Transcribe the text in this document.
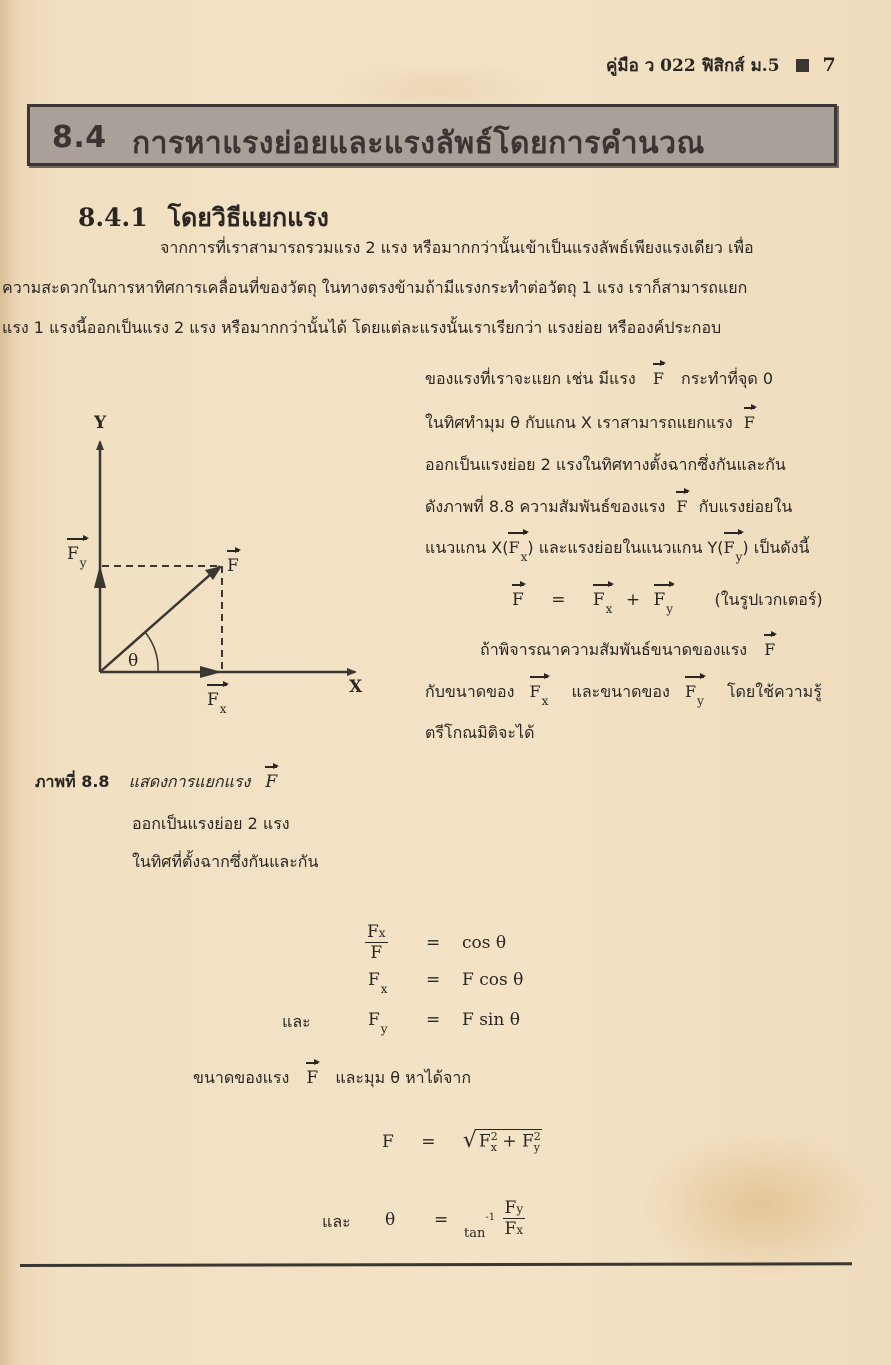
คู่มือ ว 022 ฟิสิกส์ ม.5 7
8.4 การหาแรงย่อยและแรงลัพธ์โดยการคำนวณ
8.4.1 โดยวิธีแยกแรง
จากการที่เราสามารถรวมแรง 2 แรง หรือมากกว่านั้นเข้าเป็นแรงลัพธ์เพียงแรงเดียว เพื่อ
ความสะดวกในการหาทิศการเคลื่อนที่ของวัตถุ ในทางตรงข้ามถ้ามีแรงกระทำต่อวัตถุ 1 แรง เราก็สามารถแยก
แรง 1 แรงนี้ออกเป็นแรง 2 แรง หรือมากกว่านั้นได้ โดยแต่ละแรงนั้นเราเรียกว่า แรงย่อย หรือองค์ประกอบ
ของแรงที่เราจะแยก เช่น มีแรง F กระทำที่จุด 0
ในทิศทำมุม θ กับแกน X เราสามารถแยกแรง F
ออกเป็นแรงย่อย 2 แรงในทิศทางตั้งฉากซึ่งกันและกัน
ดังภาพที่ 8.8 ความสัมพันธ์ของแรง F กับแรงย่อยใน
แนวแกน $X(F_x)$ และแรงย่อยในแนวแกน $Y(F_y)$ เป็นดังนี้
$F = F_x + F_y$	(ในรูปเวกเตอร์)
ถ้าพิจารณาความสัมพันธ์ขนาดของแรง F
กับขนาดของ $F_x$ และขนาดของ $F_y$ โดยใช้ความรู้
ตรีโกณมิติจะได้
Y
X
θ
F
$F_y$
$F_x$
ภาพที่ 8.8 แสดงการแยกแรง F
ออกเป็นแรงย่อย 2 แรง
ในทิศที่ตั้งฉากซึ่งกันและกัน
$\frac{Fx}{F} = \cos \theta$
$F_x = F$ cos θ
และ	$F_y = F$ sin θ
ขนาดของแรง F และมุม θ หาได้จาก
F = √ $F^2_x + F^2_y$
และ θ =
$_{tan}^{-1} \frac{Fy}{Fx}$
